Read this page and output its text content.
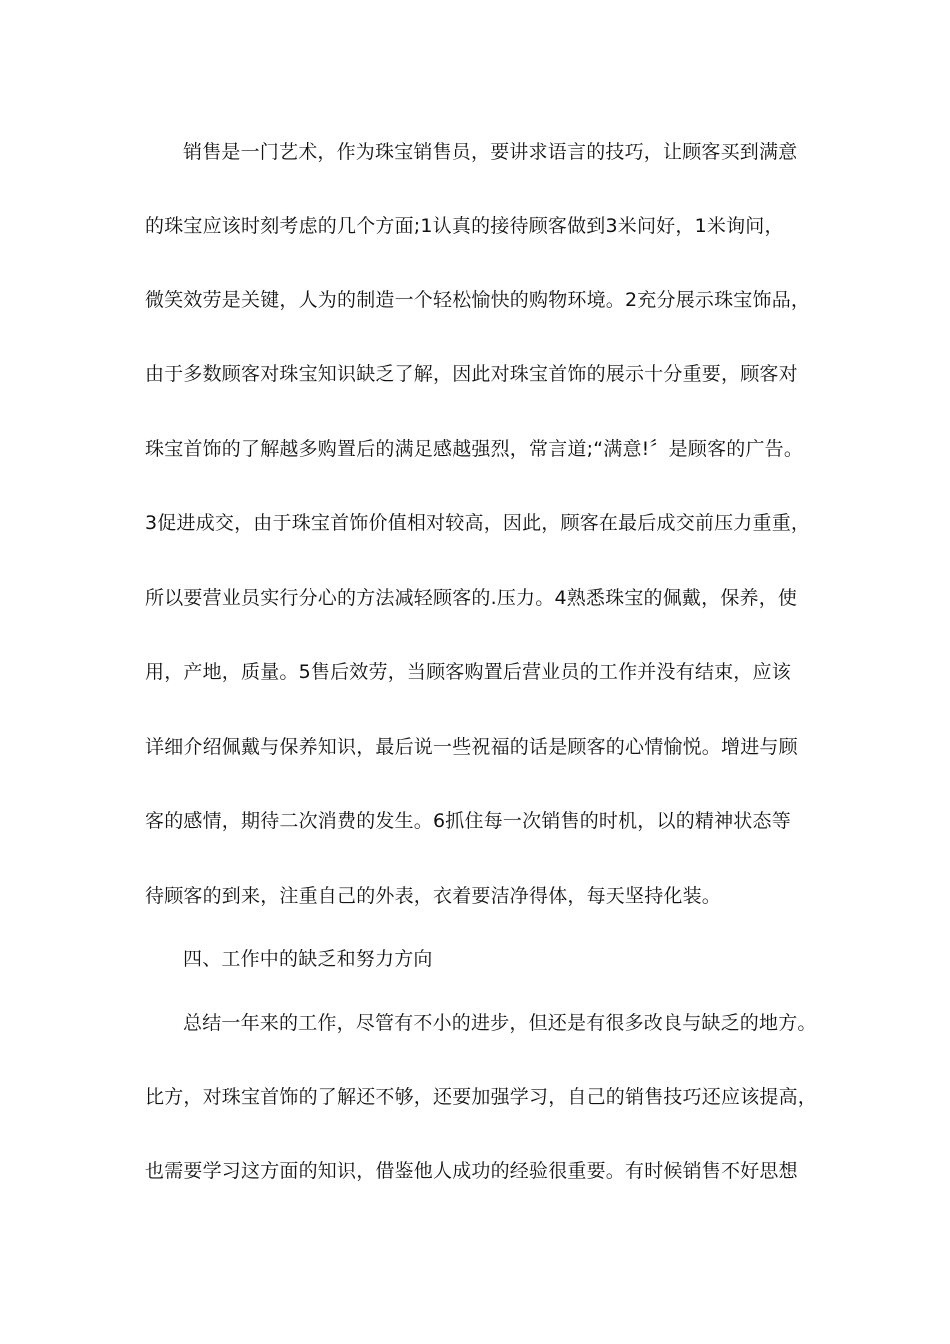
销售是一门艺术，作为珠宝销售员，要讲求语言的技巧，让顾客买到满意
的珠宝应该时刻考虑的几个方面;1认真的接待顾客做到3米问好，1米询问，
微笑效劳是关键，人为的制造一个轻松愉快的购物环境。2充分展示珠宝饰品，
由于多数顾客对珠宝知识缺乏了解，因此对珠宝首饰的展示十分重要，顾客对
珠宝首饰的了解越多购置后的满足感越强烈，常言道;“满意!〞是顾客的广告。
3促进成交，由于珠宝首饰价值相对较高，因此，顾客在最后成交前压力重重，
所以要营业员实行分心的方法减轻顾客的.压力。4熟悉珠宝的佩戴，保养，使
用，产地，质量。5售后效劳，当顾客购置后营业员的工作并没有结束，应该
详细介绍佩戴与保养知识，最后说一些祝福的话是顾客的心情愉悦。增进与顾
客的感情，期待二次消费的发生。6抓住每一次销售的时机，以的精神状态等
待顾客的到来，注重自己的外表，衣着要洁净得体，每天坚持化装。
四、工作中的缺乏和努力方向
总结一年来的工作，尽管有不小的进步，但还是有很多改良与缺乏的地方。
比方，对珠宝首饰的了解还不够，还要加强学习，自己的销售技巧还应该提高，
也需要学习这方面的知识，借鉴他人成功的经验很重要。有时候销售不好思想
